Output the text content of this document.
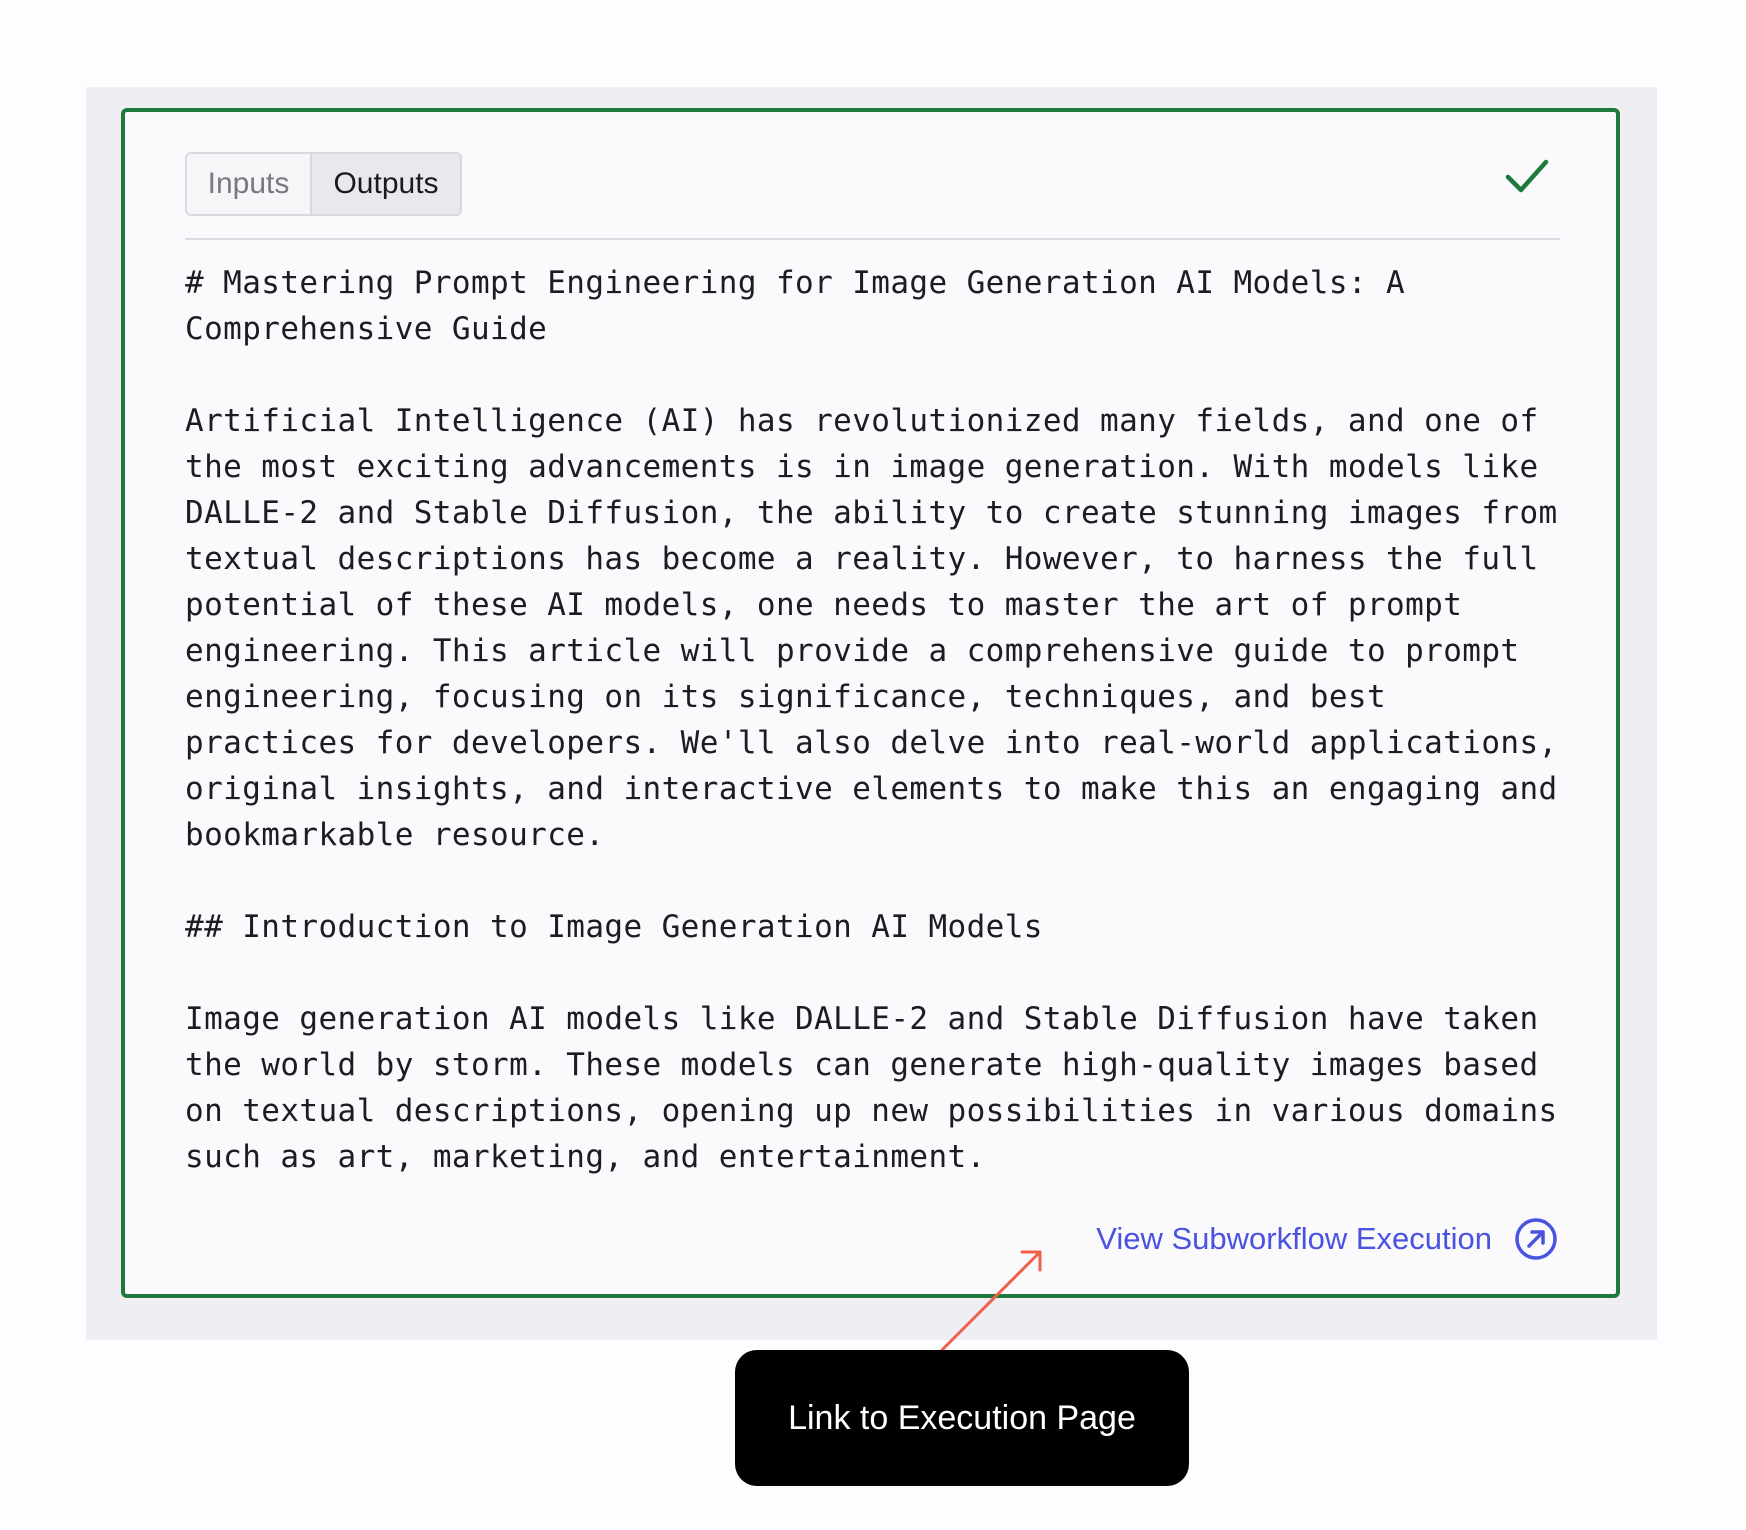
Inputs	Outputs

# Mastering Prompt Engineering for Image Generation AI Models: A Comprehensive Guide

Artificial Intelligence (AI) has revolutionized many fields, and one of the most exciting advancements is in image generation. With models like DALLE-2 and Stable Diffusion, the ability to create stunning images from textual descriptions has become a reality. However, to harness the full potential of these AI models, one needs to master the art of prompt engineering. This article will provide a comprehensive guide to prompt engineering, focusing on its significance, techniques, and best practices for developers. We'll also delve into real-world applications, original insights, and interactive elements to make this an engaging and bookmarkable resource.

## Introduction to Image Generation AI Models

Image generation AI models like DALLE-2 and Stable Diffusion have taken the world by storm. These models can generate high-quality images based on textual descriptions, opening up new possibilities in various domains such as art, marketing, and entertainment.

View Subworkflow Execution
Link to Execution Page
